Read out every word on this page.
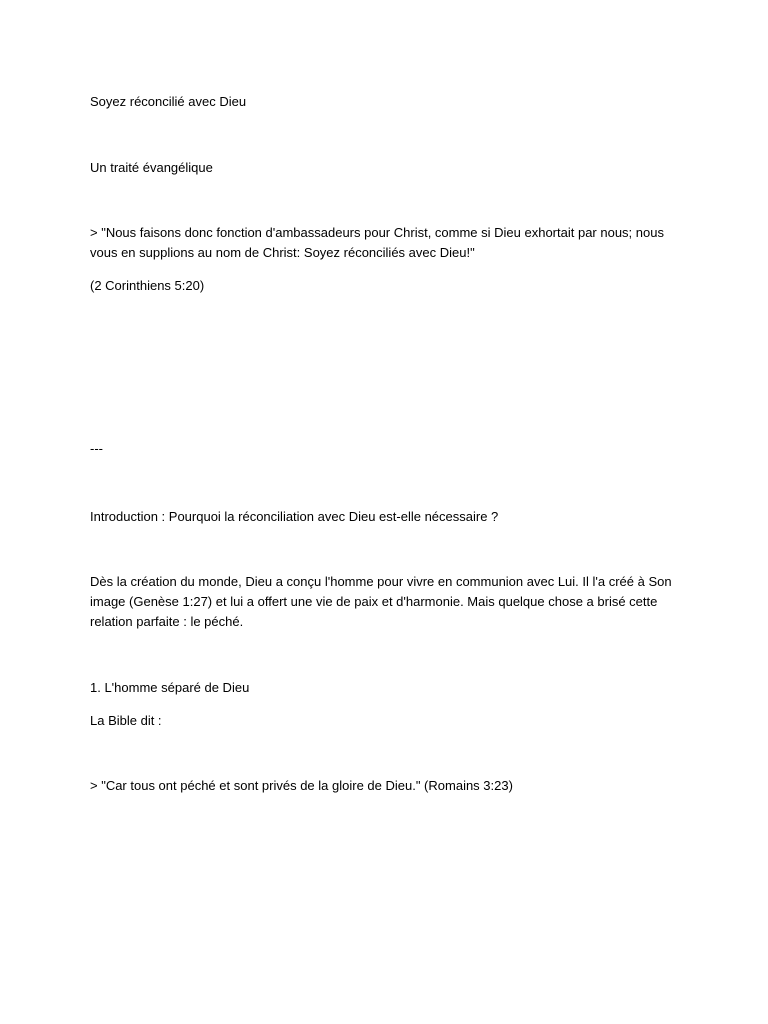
Soyez réconcilié avec Dieu

Un traité évangélique

> "Nous faisons donc fonction d'ambassadeurs pour Christ, comme si Dieu exhortait par nous; nous vous en supplions au nom de Christ: Soyez réconciliés avec Dieu!"

(2 Corinthiens 5:20)

---

Introduction : Pourquoi la réconciliation avec Dieu est-elle nécessaire ?

Dès la création du monde, Dieu a conçu l'homme pour vivre en communion avec Lui. Il l'a créé à Son image (Genèse 1:27) et lui a offert une vie de paix et d'harmonie. Mais quelque chose a brisé cette relation parfaite : le péché.

1. L'homme séparé de Dieu

La Bible dit :

> "Car tous ont péché et sont privés de la gloire de Dieu." (Romains 3:23)
